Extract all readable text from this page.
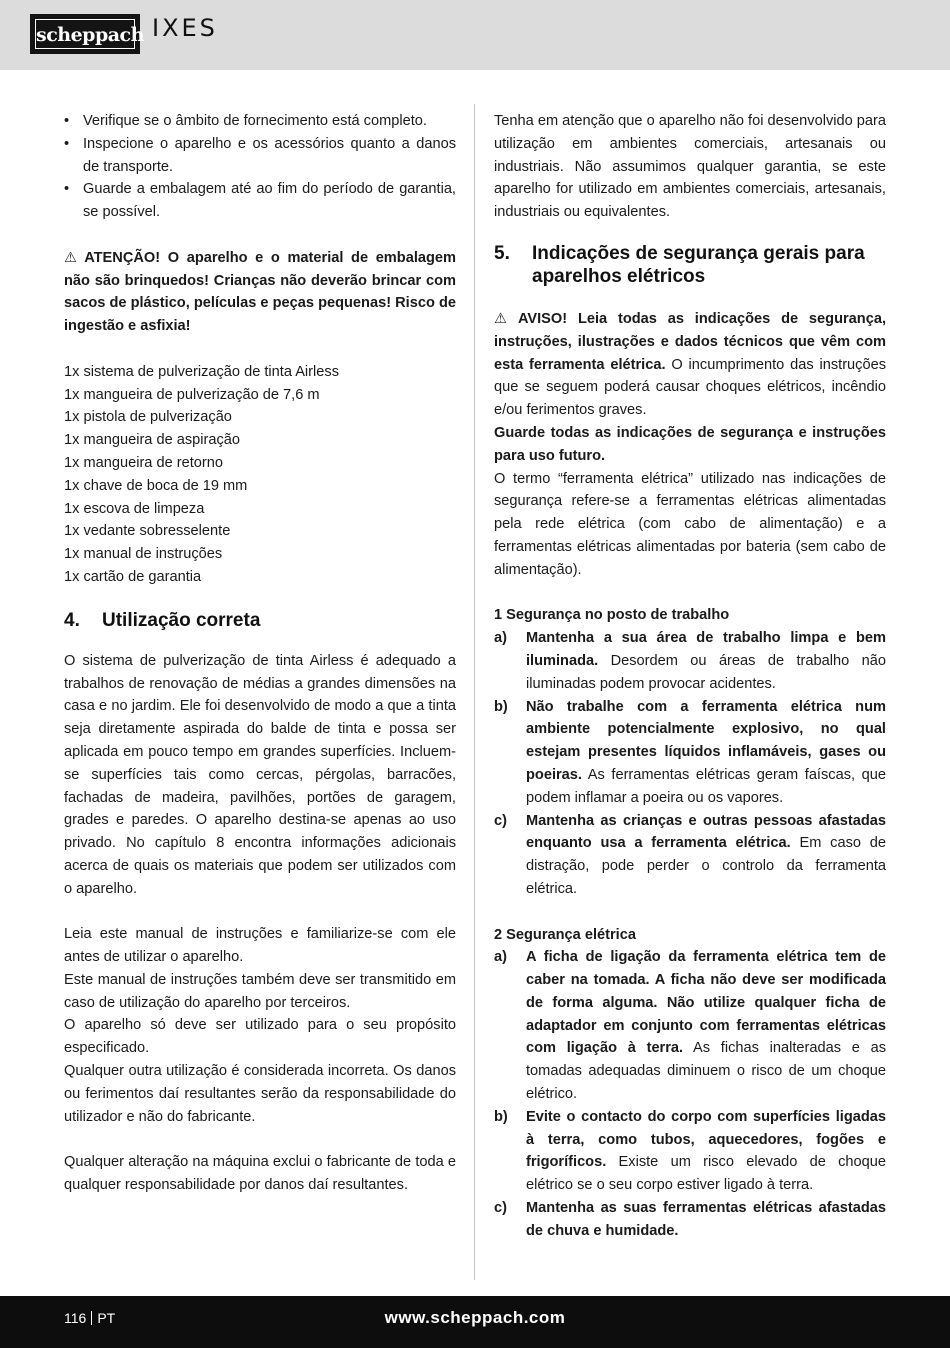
scheppach IXES
• Verifique se o âmbito de fornecimento está completo.
• Inspecione o aparelho e os acessórios quanto a danos de transporte.
• Guarde a embalagem até ao fim do período de garantia, se possível.

⚠ ATENÇÃO! O aparelho e o material de embalagem não são brinquedos! Crianças não deverão brincar com sacos de plástico, películas e peças pequenas! Risco de ingestão e asfixia!

1x sistema de pulverização de tinta Airless
1x mangueira de pulverização de 7,6 m
1x pistola de pulverização
1x mangueira de aspiração
1x mangueira de retorno
1x chave de boca de 19 mm
1x escova de limpeza
1x vedante sobresselente
1x manual de instruções
1x cartão de garantia
4.	Utilização correta

O sistema de pulverização de tinta Airless é adequado a trabalhos de renovação de médias a grandes dimensões na casa e no jardim. Ele foi desenvolvido de modo a que a tinta seja diretamente aspirada do balde de tinta e possa ser aplicada em pouco tempo em grandes superfícies. Incluem-se superfícies tais como cercas, pérgolas, barracões, fachadas de madeira, pavilhões, portões de garagem, grades e paredes. O aparelho destina-se apenas ao uso privado. No capítulo 8 encontra informações adicionais acerca de quais os materiais que podem ser utilizados com o aparelho.

Leia este manual de instruções e familiarize-se com ele antes de utilizar o aparelho.

Este manual de instruções também deve ser transmitido em caso de utilização do aparelho por terceiros.

O aparelho só deve ser utilizado para o seu propósito especificado.

Qualquer outra utilização é considerada incorreta. Os danos ou ferimentos daí resultantes serão da responsabilidade do utilizador e não do fabricante.

Qualquer alteração na máquina exclui o fabricante de toda e qualquer responsabilidade por danos daí resultantes.

Tenha em atenção que o aparelho não foi desenvolvido para utilização em ambientes comerciais, artesanais ou industriais. Não assumimos qualquer garantia, se este aparelho for utilizado em ambientes comerciais, artesanais, industriais ou equivalentes.

5.	Indicações de segurança gerais para aparelhos elétricos

⚠ AVISO! Leia todas as indicações de segurança, instruções, ilustrações e dados técnicos que vêm com esta ferramenta elétrica. O incumprimento das instruções que se seguem poderá causar choques elétricos, incêndio e/ou ferimentos graves.

Guarde todas as indicações de segurança e instruções para uso futuro.

O termo “ferramenta elétrica” utilizado nas indicações de segurança refere-se a ferramentas elétricas alimentadas pela rede elétrica (com cabo de alimentação) e a ferramentas elétricas alimentadas por bateria (sem cabo de alimentação).

1 Segurança no posto de trabalho
a)	Mantenha a sua área de trabalho limpa e bem iluminada. Desordem ou áreas de trabalho não iluminadas podem provocar acidentes.
b)	Não trabalhe com a ferramenta elétrica num ambiente potencialmente explosivo, no qual estejam presentes líquidos inflamáveis, gases ou poeiras. As ferramentas elétricas geram faíscas, que podem inflamar a poeira ou os vapores.
c)	Mantenha as crianças e outras pessoas afastadas enquanto usa a ferramenta elétrica. Em caso de distração, pode perder o controlo da ferramenta elétrica.
2 Segurança elétrica
a)	A ficha de ligação da ferramenta elétrica tem de caber na tomada. A ficha não deve ser modificada de forma alguma. Não utilize qualquer ficha de adaptador em conjunto com ferramentas elétricas com ligação à terra. As fichas inalteradas e as tomadas adequadas diminuem o risco de um choque elétrico.
b)	Evite o contacto do corpo com superfícies ligadas à terra, como tubos, aquecedores, fogões e frigoríficos. Existe um risco elevado de choque elétrico se o seu corpo estiver ligado à terra.
c)	Mantenha as suas ferramentas elétricas afastadas de chuva e humidade.
116 PT	www.scheppach.com
